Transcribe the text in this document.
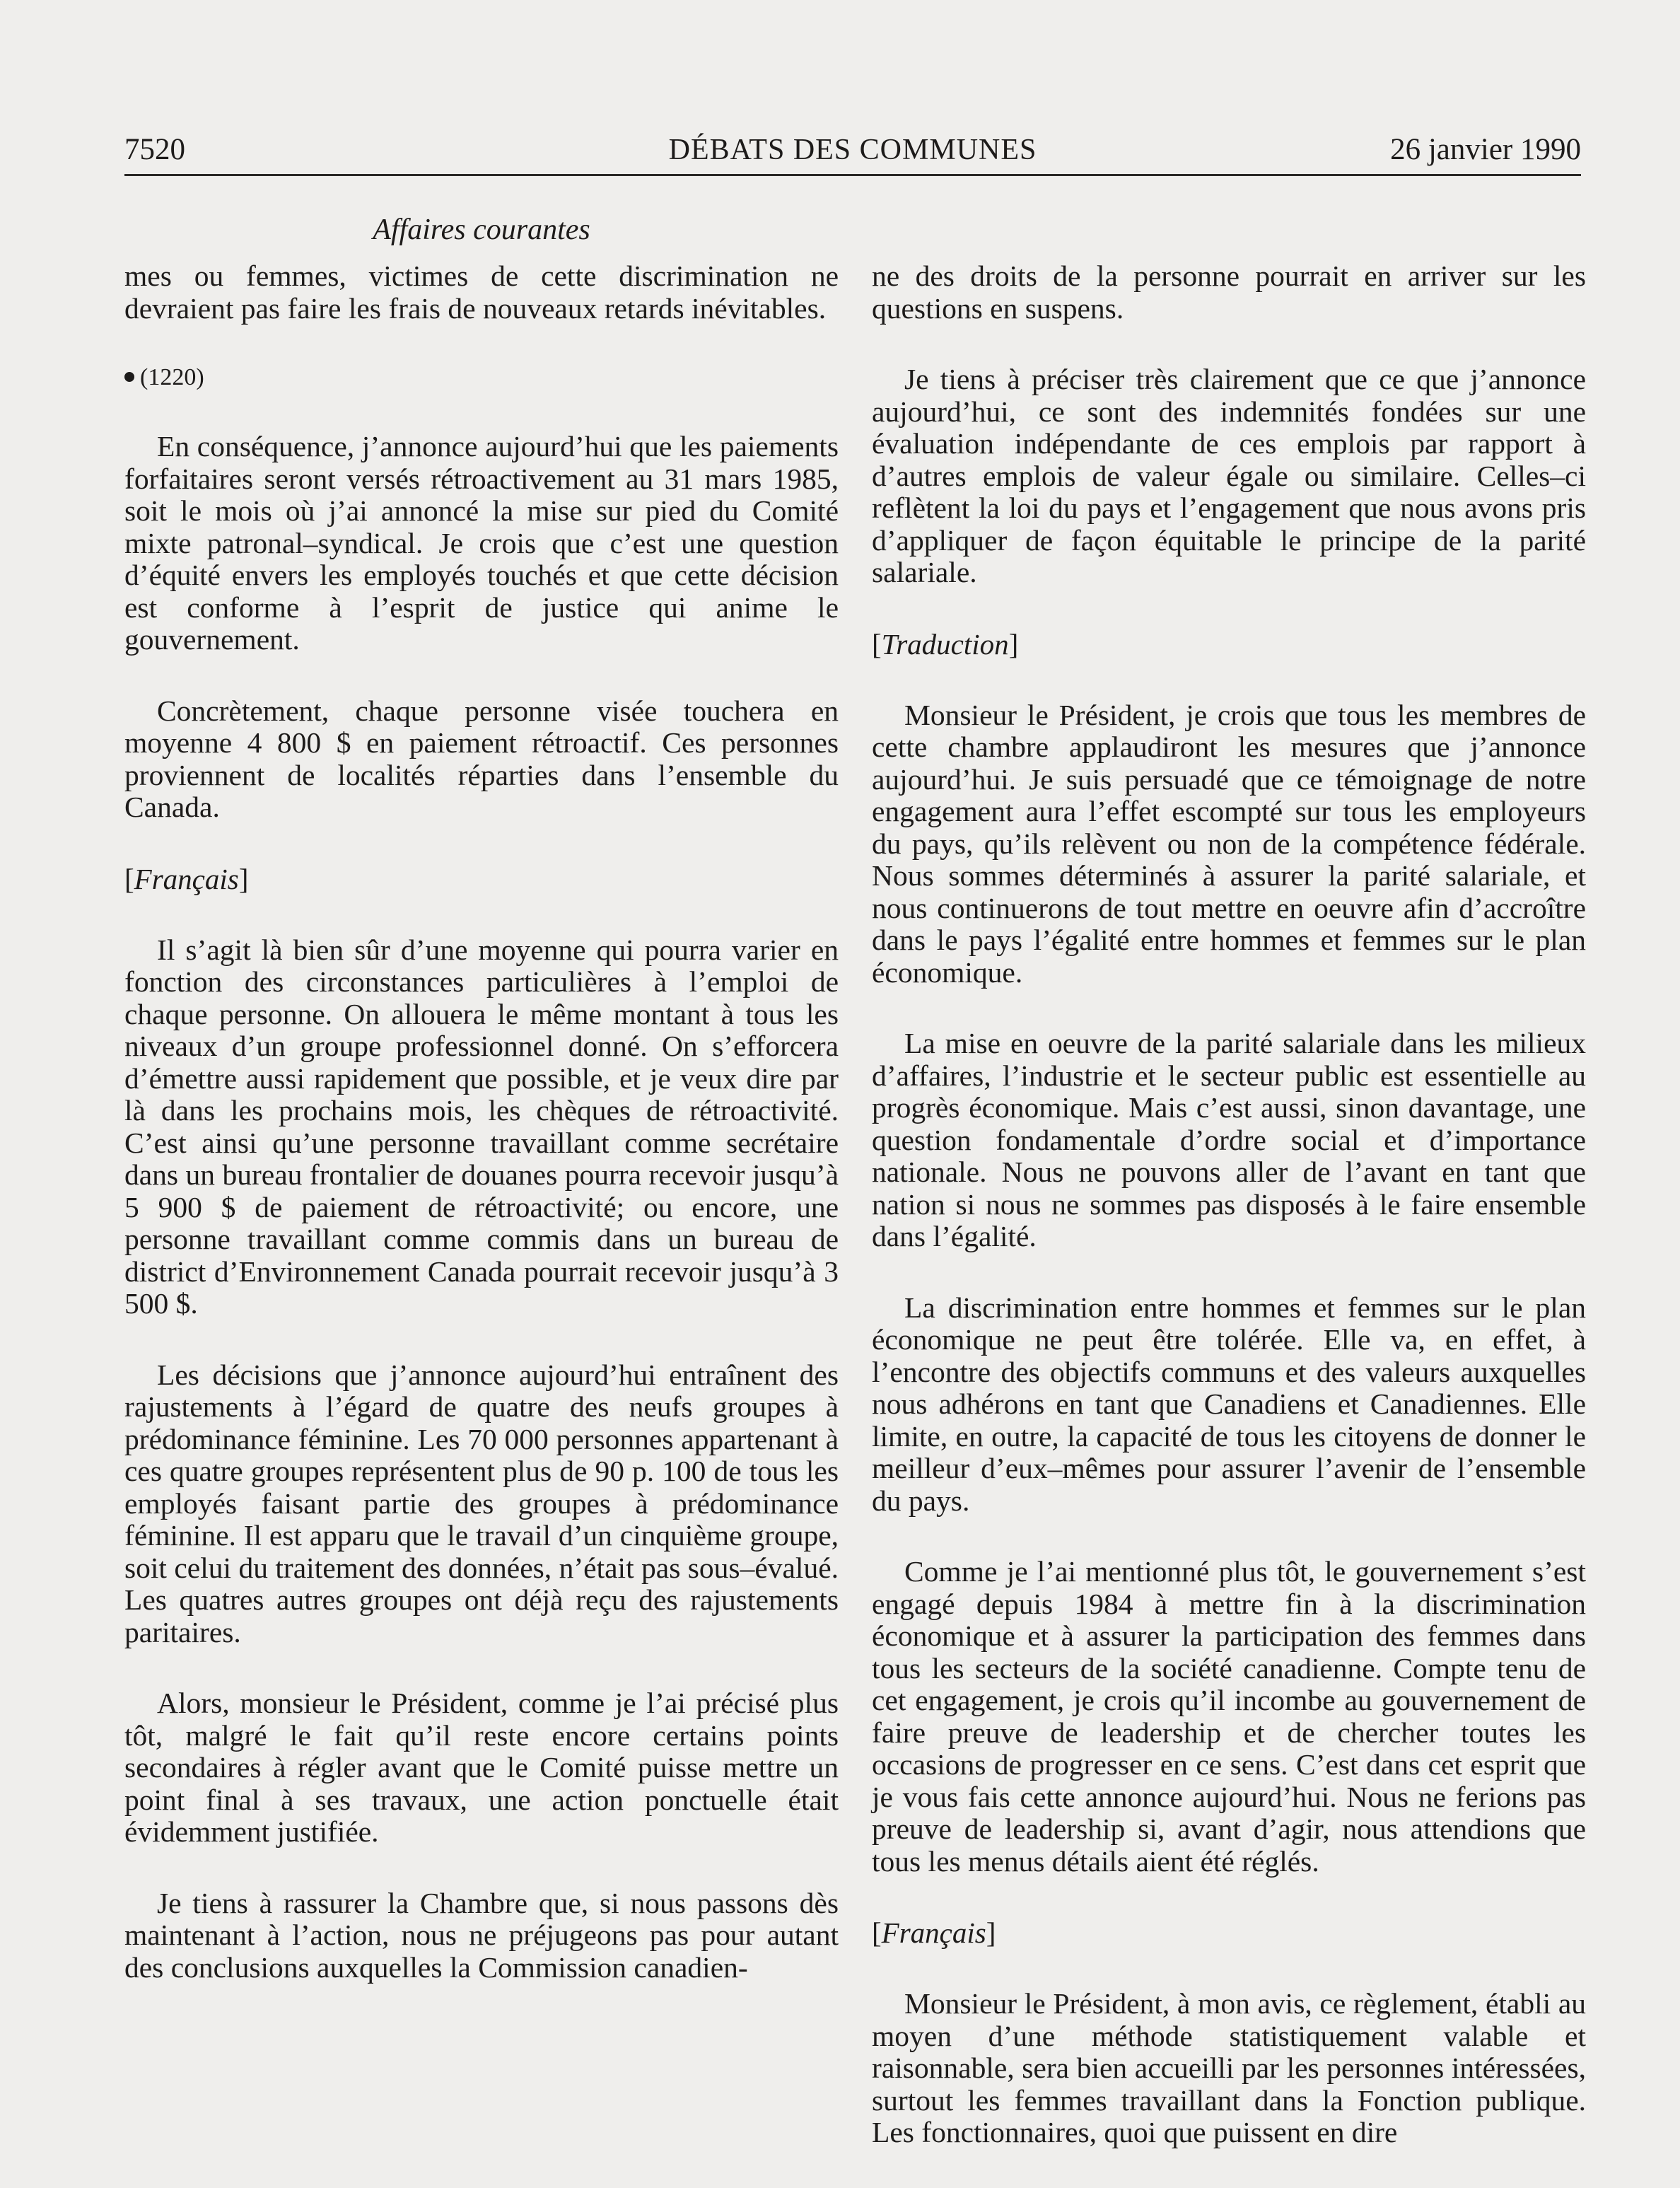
7520	DÉBATS DES COMMUNES	26 janvier 1990
Affaires courantes

mes ou femmes, victimes de cette discrimination ne devraient pas faire les frais de nouveaux retards inévitables.

(1220)

En conséquence, j’annonce aujourd’hui que les paiements forfaitaires seront versés rétroactivement au 31 mars 1985, soit le mois où j’ai annoncé la mise sur pied du Comité mixte patronal–syndical. Je crois que c’est une question d’équité envers les employés touchés et que cette décision est conforme à l’esprit de justice qui anime le gouvernement.

Concrètement, chaque personne visée touchera en moyenne 4 800 $ en paiement rétroactif. Ces personnes proviennent de localités réparties dans l’ensemble du Canada.

[Français]

Il s’agit là bien sûr d’une moyenne qui pourra varier en fonction des circonstances particulières à l’emploi de chaque personne. On allouera le même montant à tous les niveaux d’un groupe professionnel donné. On s’efforcera d’émettre aussi rapidement que possible, et je veux dire par là dans les prochains mois, les chèques de rétroactivité. C’est ainsi qu’une personne travaillant comme secrétaire dans un bureau frontalier de douanes pourra recevoir jusqu’à 5 900 $ de paiement de rétroactivité; ou encore, une personne travaillant comme commis dans un bureau de district d’Environnement Canada pourrait recevoir jusqu’à 3 500 $.

Les décisions que j’annonce aujourd’hui entraînent des rajustements à l’égard de quatre des neufs groupes à prédominance féminine. Les 70 000 personnes appartenant à ces quatre groupes représentent plus de 90 p. 100 de tous les employés faisant partie des groupes à prédominance féminine. Il est apparu que le travail d’un cinquième groupe, soit celui du traitement des données, n’était pas sous–évalué. Les quatres autres groupes ont déjà reçu des rajustements paritaires.

Alors, monsieur le Président, comme je l’ai précisé plus tôt, malgré le fait qu’il reste encore certains points secondaires à régler avant que le Comité puisse mettre un point final à ses travaux, une action ponctuelle était évidemment justifiée.

Je tiens à rassurer la Chambre que, si nous passons dès maintenant à l’action, nous ne préjugeons pas pour autant des conclusions auxquelles la Commission canadien-

ne des droits de la personne pourrait en arriver sur les questions en suspens.

Je tiens à préciser très clairement que ce que j’annonce aujourd’hui, ce sont des indemnités fondées sur une évaluation indépendante de ces emplois par rapport à d’autres emplois de valeur égale ou similaire. Celles–ci reflètent la loi du pays et l’engagement que nous avons pris d’appliquer de façon équitable le principe de la parité salariale.

[Traduction]

Monsieur le Président, je crois que tous les membres de cette chambre applaudiront les mesures que j’annonce aujourd’hui. Je suis persuadé que ce témoignage de notre engagement aura l’effet escompté sur tous les employeurs du pays, qu’ils relèvent ou non de la compétence fédérale. Nous sommes déterminés à assurer la parité salariale, et nous continuerons de tout mettre en oeuvre afin d’accroître dans le pays l’égalité entre hommes et femmes sur le plan économique.

La mise en oeuvre de la parité salariale dans les milieux d’affaires, l’industrie et le secteur public est essentielle au progrès économique. Mais c’est aussi, sinon davantage, une question fondamentale d’ordre social et d’importance nationale. Nous ne pouvons aller de l’avant en tant que nation si nous ne sommes pas disposés à le faire ensemble dans l’égalité.

La discrimination entre hommes et femmes sur le plan économique ne peut être tolérée. Elle va, en effet, à l’encontre des objectifs communs et des valeurs auxquelles nous adhérons en tant que Canadiens et Canadiennes. Elle limite, en outre, la capacité de tous les citoyens de donner le meilleur d’eux–mêmes pour assurer l’avenir de l’ensemble du pays.

Comme je l’ai mentionné plus tôt, le gouvernement s’est engagé depuis 1984 à mettre fin à la discrimination économique et à assurer la participation des femmes dans tous les secteurs de la société canadienne. Compte tenu de cet engagement, je crois qu’il incombe au gouvernement de faire preuve de leadership et de chercher toutes les occasions de progresser en ce sens. C’est dans cet esprit que je vous fais cette annonce aujourd’hui. Nous ne ferions pas preuve de leadership si, avant d’agir, nous attendions que tous les menus détails aient été réglés.

[Français]

Monsieur le Président, à mon avis, ce règlement, établi au moyen d’une méthode statistiquement valable et raisonnable, sera bien accueilli par les personnes intéressées, surtout les femmes travaillant dans la Fonction publique. Les fonctionnaires, quoi que puissent en dire
